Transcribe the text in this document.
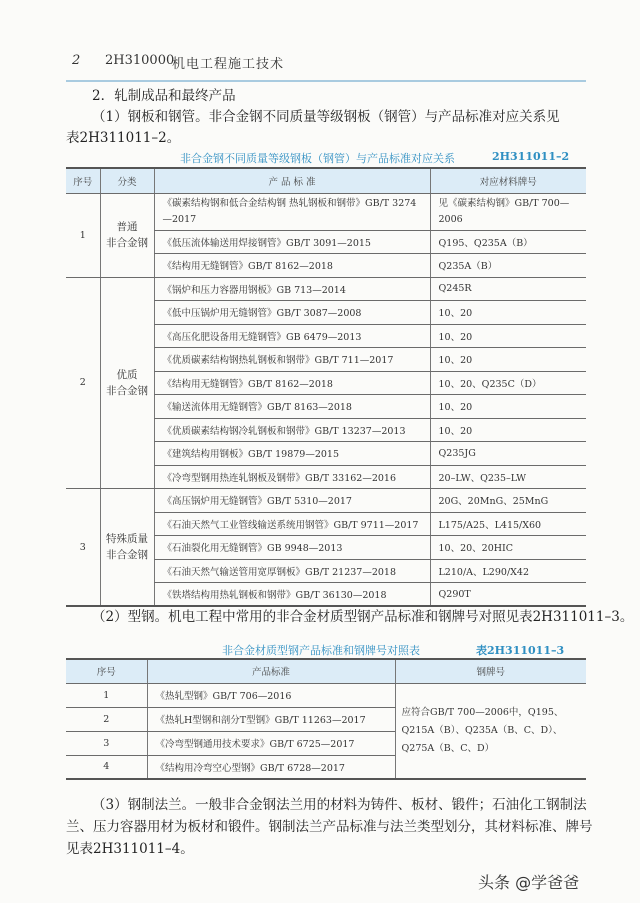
2 2H310000
机电工程施工技术
2．轧制成品和最终产品
（1）钢板和钢管。非合金钢不同质量等级钢板（钢管）与产品标准对应关系见
表2H311011–2。
非合金钢不同质量等级钢板（钢管）与产品标准对应关系	2H311011–2
序号	分类	产 品 标 准	对应材料牌号
1	普通
非合金钢	《碳素结构钢和低合金结构钢 热轧钢板和钢带》GB/T 3274—2017	见《碳素结构钢》GB/T 700—2006
		《低压流体输送用焊接钢管》GB/T 3091—2015	Q195、Q235A（B）
		《结构用无缝钢管》GB/T 8162—2018	Q235A（B）
2	优质
非合金钢	《锅炉和压力容器用钢板》GB 713—2014	Q245R
		《低中压锅炉用无缝钢管》GB/T 3087—2008	10、20
		《高压化肥设备用无缝钢管》GB 6479—2013	10、20
		《优质碳素结构钢热轧钢板和钢带》GB/T 711—2017	10、20
		《结构用无缝钢管》GB/T 8162—2018	10、20、Q235C（D）
		《输送流体用无缝钢管》GB/T 8163—2018	10、20
		《优质碳素结构钢冷轧钢板和钢带》GB/T 13237—2013	10、20
		《建筑结构用钢板》GB/T 19879—2015	Q235JG
		《冷弯型钢用热连轧钢板及钢带》GB/T 33162—2016	20–LW、Q235–LW
3	特殊质量
非合金钢	《高压锅炉用无缝钢管》GB/T 5310—2017	20G、20MnG、25MnG
		《石油天然气工业管线输送系统用钢管》GB/T 9711—2017	L175/A25、L415/X60
		《石油裂化用无缝钢管》GB 9948—2013	10、20、20HIC
		《石油天然气输送管用宽厚钢板》GB/T 21237—2018	L210/A、L290/X42
		《铁塔结构用热轧钢板和钢带》GB/T 36130—2018	Q290T
（2）型钢。机电工程中常用的非合金材质型钢产品标准和钢牌号对照见表2H311011–3。
非合金材质型钢产品标准和钢牌号对照表	表2H311011–3
序号	产品标准	钢牌号
1	《热轧型钢》GB/T 706—2016	应符合GB/T 700—2006中，Q195、Q215A（B）、Q235A（B、C、D）、Q275A（B、C、D）
2	《热轧H型钢和剖分T型钢》GB/T 11263—2017	
3	《冷弯型钢通用技术要求》GB/T 6725—2017	
4	《结构用冷弯空心型钢》GB/T 6728—2017	
（3）钢制法兰。一般非合金钢法兰用的材料为铸件、板材、锻件；石油化工钢制法
兰、压力容器用材为板材和锻件。钢制法兰产品标准与法兰类型划分，其材料标准、牌号
见表2H311011–4。
头条 @学爸爸
